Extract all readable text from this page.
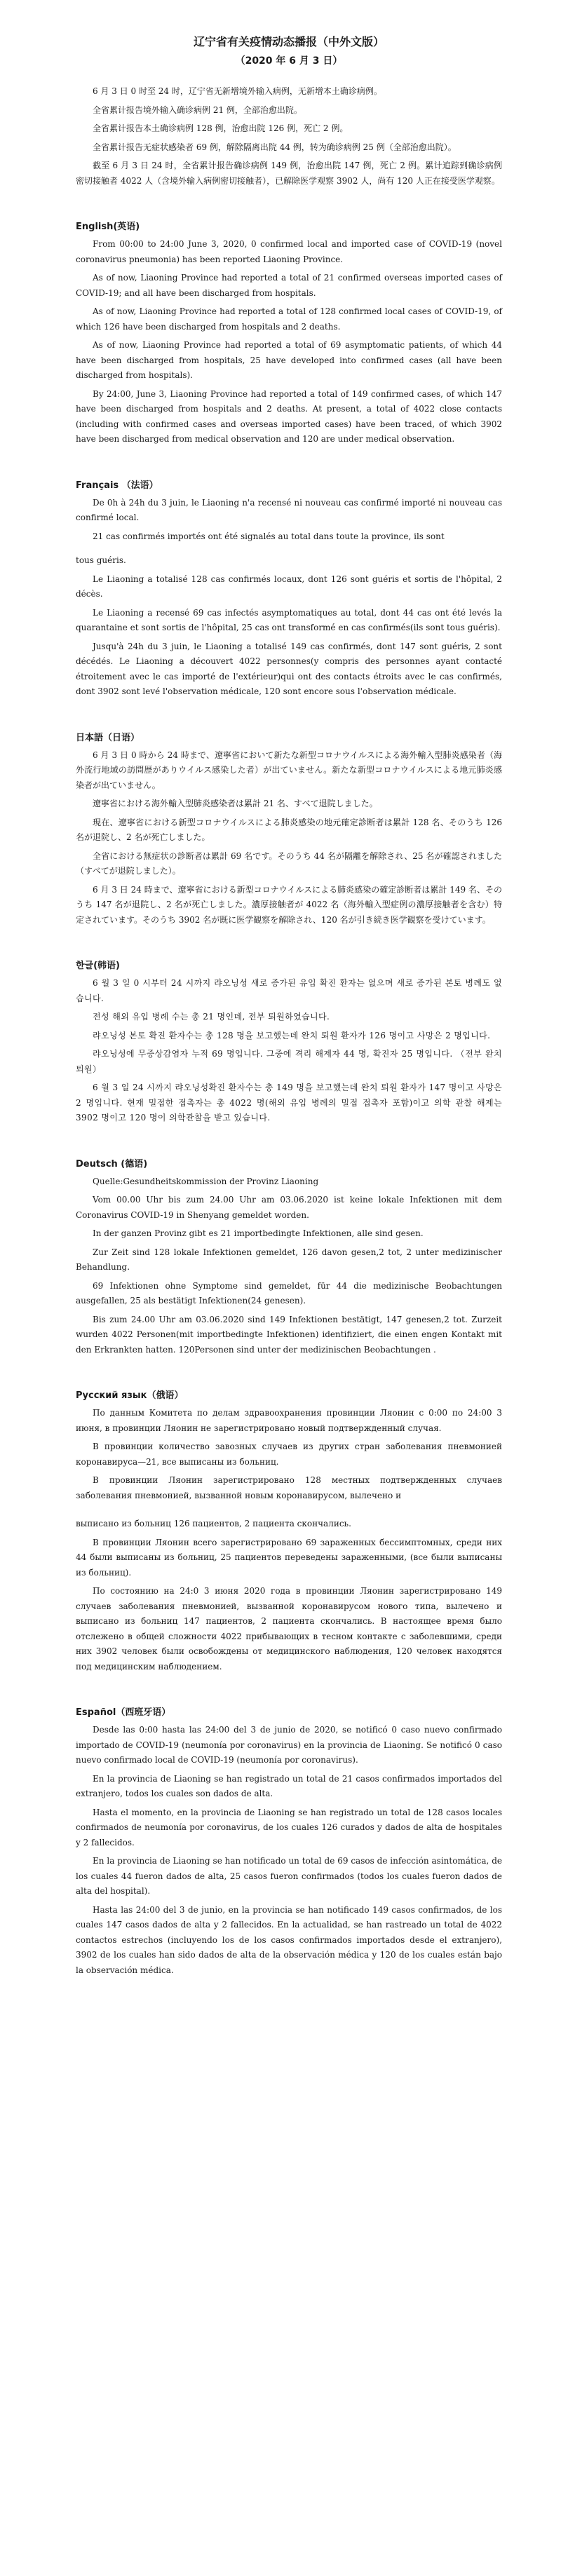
辽宁省有关疫情动态播报（中外文版）

（2020 年 6 月 3 日）

6 月 3 日 0 时至 24 时，辽宁省无新增境外输入病例，无新增本土确诊病例。

全省累计报告境外输入确诊病例 21 例，全部治愈出院。

全省累计报告本土确诊病例 128 例，治愈出院 126 例，死亡 2 例。

全省累计报告无症状感染者 69 例，解除隔离出院 44 例，转为确诊病例 25 例（全部治愈出院）。

截至 6 月 3 日 24 时，全省累计报告确诊病例 149 例，治愈出院 147 例，死亡 2 例。累计追踪到确诊病例密切接触者 4022 人（含境外输入病例密切接触者），已解除医学观察 3902 人，尚有 120 人正在接受医学观察。

English(英语)

From 00:00 to 24:00 June 3, 2020, 0 confirmed local and imported case of COVID-19 (novel coronavirus pneumonia) has been reported Liaoning Province.

As of now, Liaoning Province had reported a total of 21 confirmed overseas imported cases of COVID-19; and all have been discharged from hospitals.

As of now, Liaoning Province had reported a total of 128 confirmed local cases of COVID-19, of which 126 have been discharged from hospitals and 2 deaths.

As of now, Liaoning Province had reported a total of 69 asymptomatic patients, of which 44 have been discharged from hospitals, 25 have developed into confirmed cases (all have been discharged from hospitals).

By 24:00, June 3, Liaoning Province had reported a total of 149 confirmed cases, of which 147 have been discharged from hospitals and 2 deaths. At present, a total of 4022 close contacts (including with confirmed cases and overseas imported cases) have been traced, of which 3902 have been discharged from medical observation and 120 are under medical observation.

Français （法语）

De 0h à 24h du 3 juin, le Liaoning n'a recensé ni nouveau cas confirmé importé ni nouveau cas confirmé local.

21 cas confirmés importés ont été signalés au total dans toute la province, ils sont

tous guéris.

Le Liaoning a totalisé 128 cas confirmés locaux, dont 126 sont guéris et sortis de l'hôpital, 2 décès.

Le Liaoning a recensé 69 cas infectés asymptomatiques au total, dont 44 cas ont été levés la quarantaine et sont sortis de l'hôpital, 25 cas ont transformé en cas confirmés(ils sont tous guéris).

Jusqu'à 24h du 3 juin, le Liaoning a totalisé 149 cas confirmés, dont 147 sont guéris, 2 sont décédés. Le Liaoning a découvert 4022 personnes(y compris des personnes ayant contacté étroitement avec le cas importé de l'extérieur)qui ont des contacts étroits avec le cas confirmés, dont 3902 sont levé l'observation médicale, 120 sont encore sous l'observation médicale.

日本語（日语）

6 月 3 日 0 時から 24 時まで、遼寧省において新たな新型コロナウイルスによる海外輸入型肺炎感染者（海外流行地域の訪問歴がありウイルス感染した者）が出ていません。新たな新型コロナウイルスによる地元肺炎感染者が出ていません。

遼寧省における海外輸入型肺炎感染者は累計 21 名、すべて退院しました。

現在、遼寧省における新型コロナウイルスによる肺炎感染の地元確定診断者は累計 128 名、そのうち 126 名が退院し、2 名が死亡しました。

全省における無症状の診断者は累計 69 名です。そのうち 44 名が隔離を解除され、25 名が確認されました（すべてが退院しました）。

6 月 3 日 24 時まで、遼寧省における新型コロナウイルスによる肺炎感染の確定診断者は累計 149 名、そのうち 147 名が退院し、2 名が死亡しました。濃厚接触者が 4022 名（海外輸入型症例の濃厚接触者を含む）特定されています。そのうち 3902 名が既に医学観察を解除され、120 名が引き続き医学観察を受けています。

한글(韩语)

6 월 3 일 0 시부터 24 시까지 랴오닝성 새로 증가된 유입 확진 환자는 없으며 새로 증가된 본토 병례도 없습니다.

전성 해외 유입 병례 수는 총 21 명인데, 전부 퇴원하였습니다.

랴오닝성 본토 확진 환자수는 총 128 명을 보고했는데 완치 퇴원 환자가 126 명이고 사망은 2 명입니다.

랴오닝성에 무증상감염자 누적 69 명입니다. 그중에 격리 해제자 44 명, 확진자 25 명입니다. （전부 완치퇴원）

6 월 3 일 24 시까지 랴오닝성확진 환자수는 총 149 명을 보고했는데 완치 퇴원 환자가 147 명이고 사망은 2 명입니다. 현재 밀접한 접촉자는 총 4022 명(해외 유입 병례의 밀접 접촉자 포함)이고 의학 관찰 해제는 3902 명이고 120 명이 의학관찰을 받고 있습니다.

Deutsch (德语)

Quelle:Gesundheitskommission der Provinz Liaoning

Vom 00.00 Uhr bis zum 24.00 Uhr am 03.06.2020 ist keine lokale Infektionen mit dem Coronavirus COVID-19 in Shenyang gemeldet worden.

In der ganzen Provinz gibt es 21 importbedingte Infektionen, alle sind gesen.

Zur Zeit sind 128 lokale Infektionen gemeldet, 126 davon gesen,2 tot, 2 unter medizinischer Behandlung.

69 Infektionen ohne Symptome sind gemeldet, für 44 die medizinische Beobachtungen ausgefallen, 25 als bestätigt Infektionen(24 genesen).

Bis zum 24.00 Uhr am 03.06.2020 sind 149 Infektionen bestätigt, 147 genesen,2 tot. Zurzeit wurden 4022 Personen(mit importbedingte Infektionen) identifiziert, die einen engen Kontakt mit den Erkrankten hatten. 120Personen sind unter der medizinischen Beobachtungen .

Русский язык（俄语）

По данным Комитета по делам здравоохранения провинции Ляонин с 0:00 по 24:00 3 июня, в провинции Ляонин не зарегистрировано новый подтвержденный случая.

В провинции количество завозных случаев из других стран заболевания пневмонией коронавируса—21, все выписаны из больниц.

В провинции Ляонин зарегистрировано 128 местных подтвержденных случаев заболевания пневмонией, вызванной новым коронавирусом, вылечено и

выписано из больниц 126 пациентов, 2 пациента скончались.

В провинции Ляонин всего зарегистрировано 69 зараженных бессимптомных, среди них 44 были выписаны из больниц, 25 пациентов переведены зараженными, (все были выписаны из больниц).

По состоянию на 24:0 3 июня 2020 года в провинции Ляонин зарегистрировано 149 случаев заболевания пневмонией, вызванной коронавирусом нового типа, вылечено и выписано из больниц 147 пациентов, 2 пациента скончались. В настоящее время было отслежено в общей сложности 4022 прибывающих в тесном контакте с заболевшими, среди них 3902 человек были освобождены от медицинского наблюдения, 120 человек находятся под медицинским наблюдением.

Español（西班牙语）

Desde las 0:00 hasta las 24:00 del 3 de junio de 2020, se notificó 0 caso nuevo confirmado importado de COVID-19 (neumonía por coronavirus) en la provincia de Liaoning. Se notificó 0 caso nuevo confirmado local de COVID-19 (neumonía por coronavirus).

En la provincia de Liaoning se han registrado un total de 21 casos confirmados importados del extranjero, todos los cuales son dados de alta.

Hasta el momento, en la provincia de Liaoning se han registrado un total de 128 casos locales confirmados de neumonía por coronavirus, de los cuales 126 curados y dados de alta de hospitales y 2 fallecidos.

En la provincia de Liaoning se han notificado un total de 69 casos de infección asintomática, de los cuales 44 fueron dados de alta, 25 casos fueron confirmados (todos los cuales fueron dados de alta del hospital).

Hasta las 24:00 del 3 de junio, en la provincia se han notificado 149 casos confirmados, de los cuales 147 casos dados de alta y 2 fallecidos. En la actualidad, se han rastreado un total de 4022 contactos estrechos (incluyendo los de los casos confirmados importados desde el extranjero), 3902 de los cuales han sido dados de alta de la observación médica y 120 de los cuales están bajo la observación médica.
